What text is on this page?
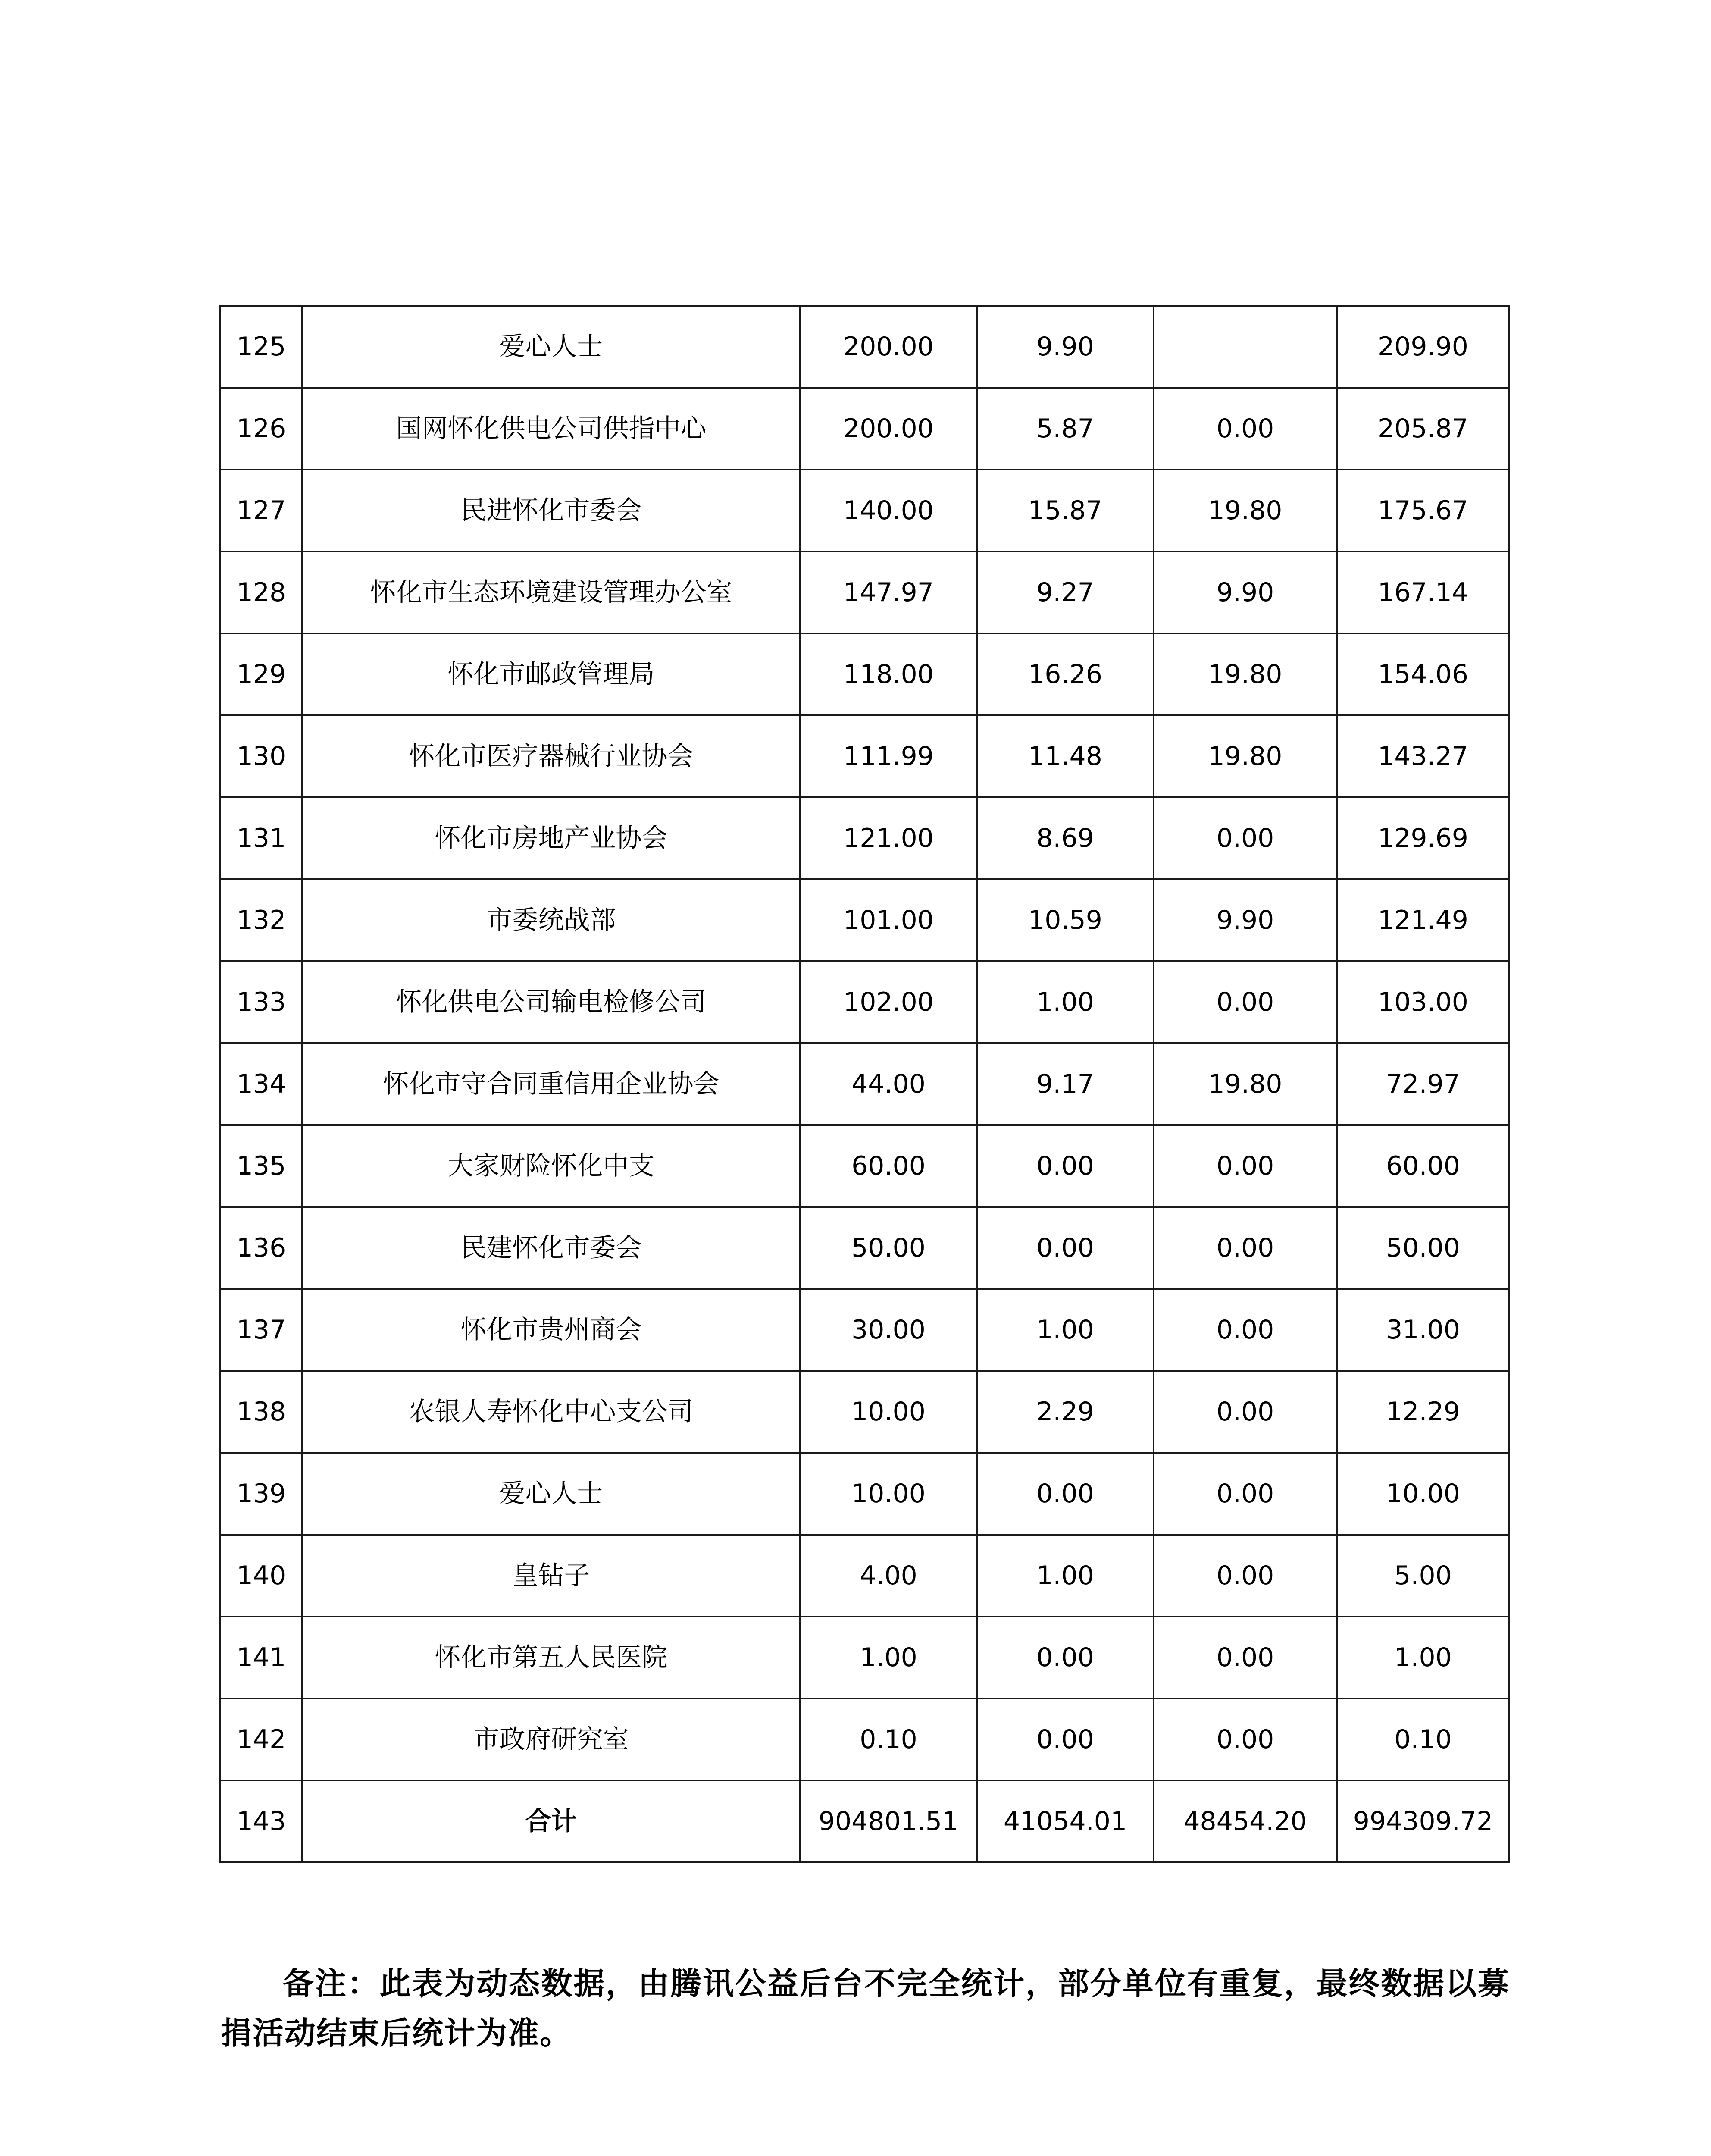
125	爱心人士	200.00	9.90		209.90
126	国网怀化供电公司供指中心	200.00	5.87	0.00	205.87
127	民进怀化市委会	140.00	15.87	19.80	175.67
128	怀化市生态环境建设管理办公室	147.97	9.27	9.90	167.14
129	怀化市邮政管理局	118.00	16.26	19.80	154.06
130	怀化市医疗器械行业协会	111.99	11.48	19.80	143.27
131	怀化市房地产业协会	121.00	8.69	0.00	129.69
132	市委统战部	101.00	10.59	9.90	121.49
133	怀化供电公司输电检修公司	102.00	1.00	0.00	103.00
134	怀化市守合同重信用企业协会	44.00	9.17	19.80	72.97
135	大家财险怀化中支	60.00	0.00	0.00	60.00
136	民建怀化市委会	50.00	0.00	0.00	50.00
137	怀化市贵州商会	30.00	1.00	0.00	31.00
138	农银人寿怀化中心支公司	10.00	2.29	0.00	12.29
139	爱心人士	10.00	0.00	0.00	10.00
140	皇钻子	4.00	1.00	0.00	5.00
141	怀化市第五人民医院	1.00	0.00	0.00	1.00
142	市政府研究室	0.10	0.00	0.00	0.10
143	合计	904801.51	41054.01	48454.20	994309.72

备注：此表为动态数据，由腾讯公益后台不完全统计，部分单位有重复，最终数据以募捐活动结束后统计为准。
